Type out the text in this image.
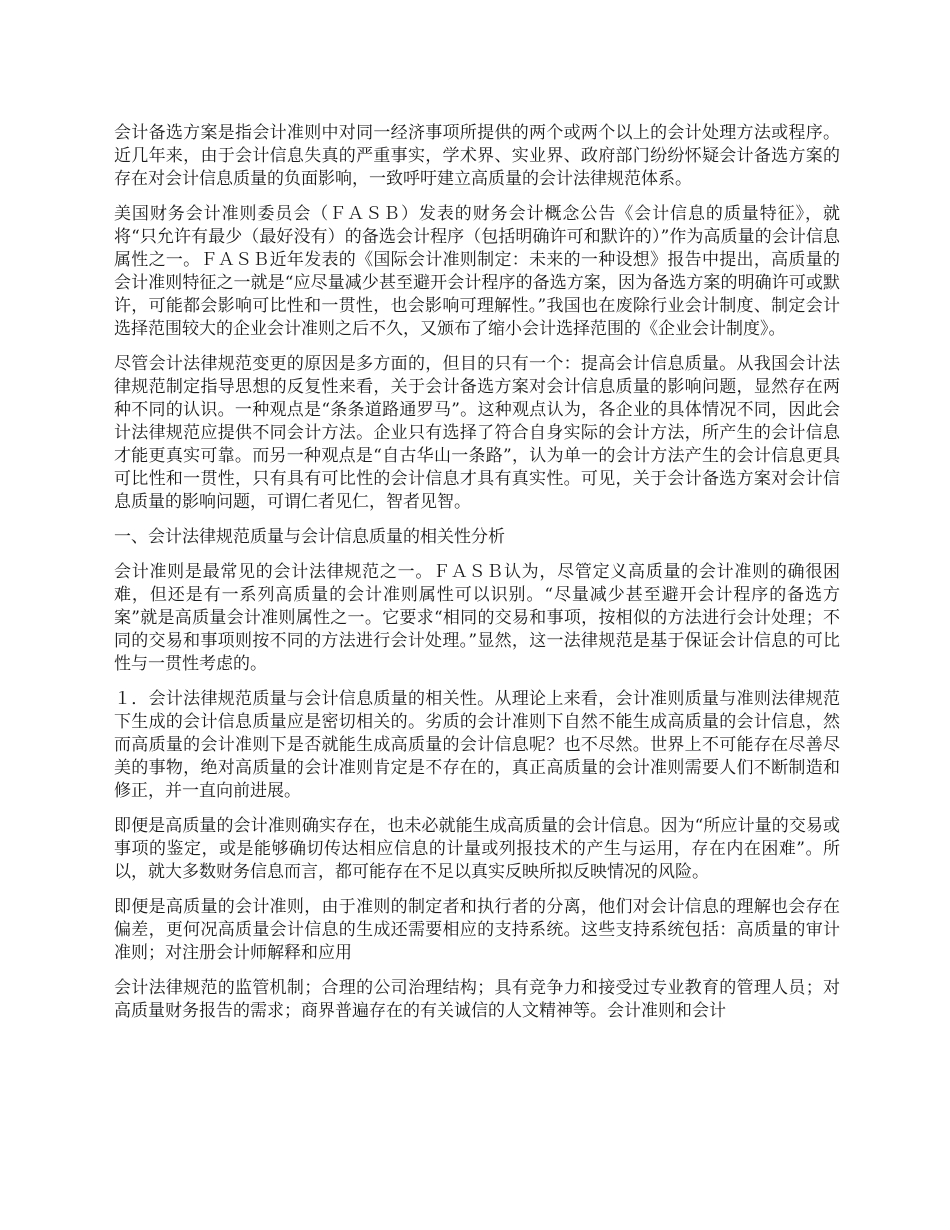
会计备选方案是指会计准则中对同一经济事项所提供的两个或两个以上的会计处理方法或程序。近几年来，由于会计信息失真的严重事实，学术界、实业界、政府部门纷纷怀疑会计备选方案的存在对会计信息质量的负面影响，一致呼吁建立高质量的会计法律规范体系。

美国财务会计准则委员会（ＦＡＳＢ）发表的财务会计概念公告《会计信息的质量特征》，就将“只允许有最少（最好没有）的备选会计程序（包括明确许可和默许的）”作为高质量的会计信息属性之一。ＦＡＳＢ近年发表的《国际会计准则制定：未来的一种设想》报告中提出，高质量的会计准则特征之一就是“应尽量减少甚至避开会计程序的备选方案，因为备选方案的明确许可或默许，可能都会影响可比性和一贯性，也会影响可理解性。”我国也在废除行业会计制度、制定会计选择范围较大的企业会计准则之后不久，又颁布了缩小会计选择范围的《企业会计制度》。

尽管会计法律规范变更的原因是多方面的，但目的只有一个：提高会计信息质量。从我国会计法律规范制定指导思想的反复性来看，关于会计备选方案对会计信息质量的影响问题，显然存在两种不同的认识。一种观点是“条条道路通罗马”。这种观点认为，各企业的具体情况不同，因此会计法律规范应提供不同会计方法。企业只有选择了符合自身实际的会计方法，所产生的会计信息才能更真实可靠。而另一种观点是“自古华山一条路”，认为单一的会计方法产生的会计信息更具可比性和一贯性，只有具有可比性的会计信息才具有真实性。可见，关于会计备选方案对会计信息质量的影响问题，可谓仁者见仁，智者见智。

一、会计法律规范质量与会计信息质量的相关性分析

会计准则是最常见的会计法律规范之一。ＦＡＳＢ认为，尽管定义高质量的会计准则的确很困难，但还是有一系列高质量的会计准则属性可以识别。“尽量减少甚至避开会计程序的备选方案”就是高质量会计准则属性之一。它要求“相同的交易和事项，按相似的方法进行会计处理；不同的交易和事项则按不同的方法进行会计处理。”显然，这一法律规范是基于保证会计信息的可比性与一贯性考虑的。

１．会计法律规范质量与会计信息质量的相关性。从理论上来看，会计准则质量与准则法律规范下生成的会计信息质量应是密切相关的。劣质的会计准则下自然不能生成高质量的会计信息，然而高质量的会计准则下是否就能生成高质量的会计信息呢？也不尽然。世界上不可能存在尽善尽美的事物，绝对高质量的会计准则肯定是不存在的，真正高质量的会计准则需要人们不断制造和修正，并一直向前进展。

即便是高质量的会计准则确实存在，也未必就能生成高质量的会计信息。因为“所应计量的交易或事项的鉴定，或是能够确切传达相应信息的计量或列报技术的产生与运用，存在内在困难”。所以，就大多数财务信息而言，都可能存在不足以真实反映所拟反映情况的风险。

即便是高质量的会计准则，由于准则的制定者和执行者的分离，他们对会计信息的理解也会存在偏差，更何况高质量会计信息的生成还需要相应的支持系统。这些支持系统包括：高质量的审计准则；对注册会计师解释和应用

会计法律规范的监管机制；合理的公司治理结构；具有竞争力和接受过专业教育的管理人员；对高质量财务报告的需求；商界普遍存在的有关诚信的人文精神等。会计准则和会计
